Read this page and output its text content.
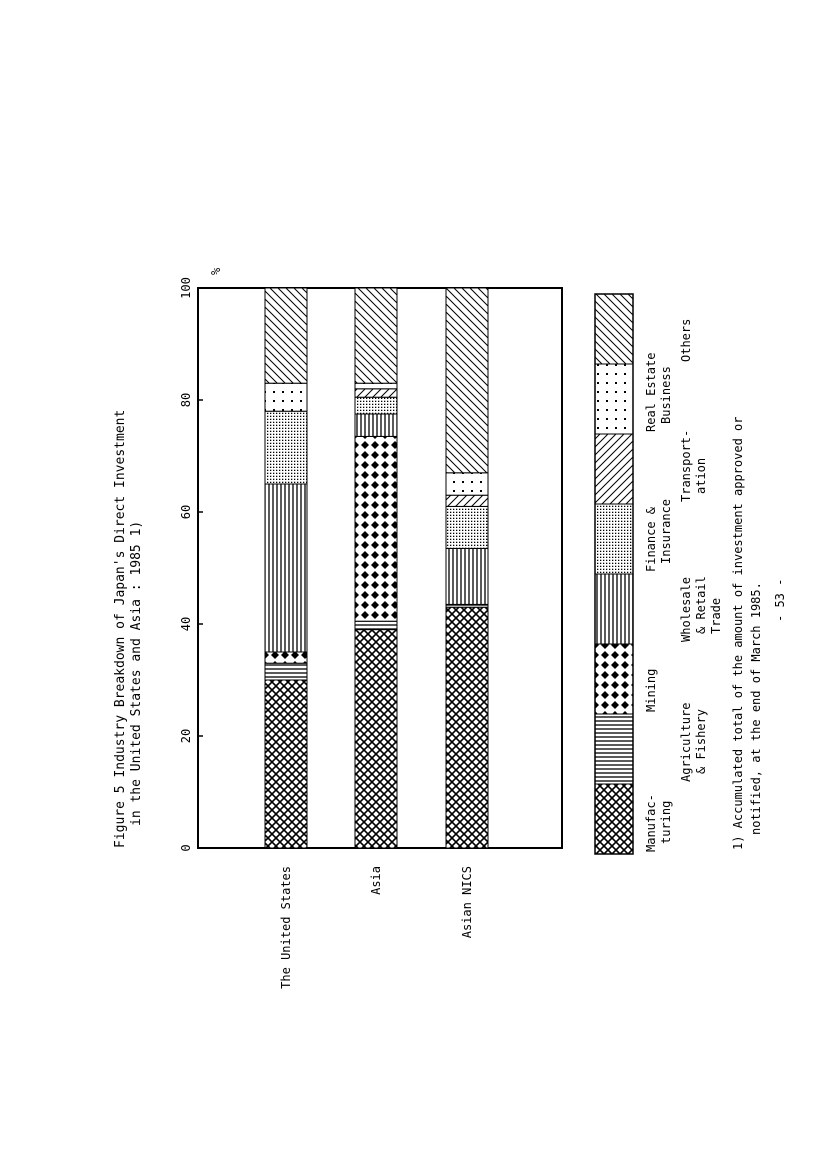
0
20
40
60
80
100
The United States	Asia	Asian NICS
Manufac-turing
Agriculture& Fishery
Mining
Wholesale& RetailTrade
Finance &Insurance
Transport-ation
Real EstateBusiness
Others
Figure 5 Industry Breakdown of Japan's Direct Investment in the United States and Asia : 1985 1)
%
1) Accumulated total of the amount of investment approved or notified, at the end of March 1985. - 53 -
